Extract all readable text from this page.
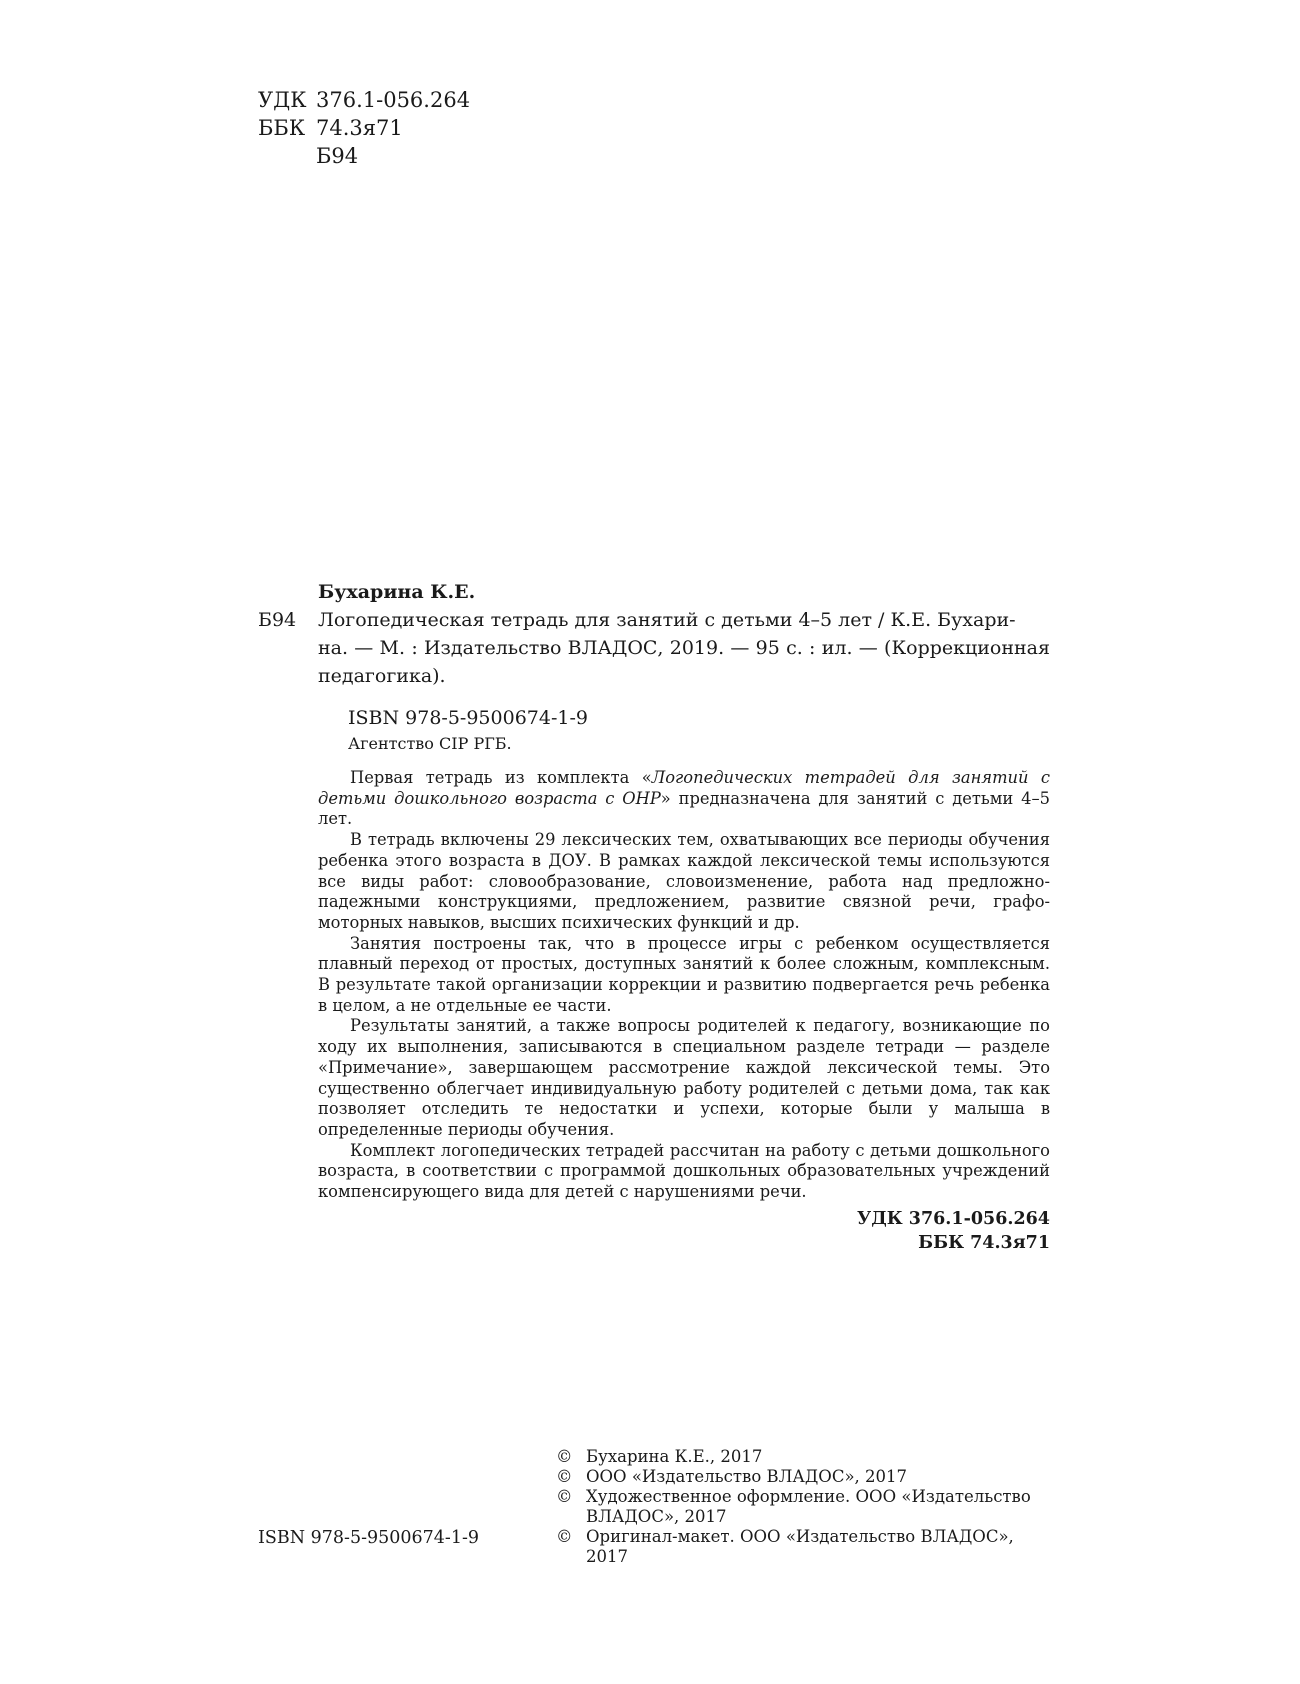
УДК 376.1-056.264
ББК 74.3я71
Б94
Бухарина К.Е.
Б94	Логопедическая тетрадь для занятий с детьми 4–5 лет / К.Е. Бухари-
на. — М. : Издательство ВЛАДОС, 2019. — 95 с. : ил. — (Коррекционная
педагогика).
ISBN 978-5-9500674-1-9
Агентство CIP РГБ.

Первая тетрадь из комплекта «Логопедических тетрадей для занятий с детьми дошкольного возраста с ОНР» предназначена для занятий с детьми 4–5 лет.

В тетрадь включены 29 лексических тем, охватывающих все периоды обучения ребенка этого возраста в ДОУ. В рамках каждой лексической темы используются все виды работ: словообразование, словоизменение, работа над предложно-падежными конструкциями, предложением, развитие связной речи, графо-моторных навыков, высших психических функций и др.

Занятия построены так, что в процессе игры с ребенком осуществляется плавный переход от простых, доступных занятий к более сложным, комплексным. В результате такой организации коррекции и развитию подвергается речь ребенка в целом, а не отдельные ее части.

Результаты занятий, а также вопросы родителей к педагогу, возникающие по ходу их выполнения, записываются в специальном разделе тетради — разделе «Примечание», завершающем рассмотрение каждой лексической темы. Это существенно облегчает индивидуальную работу родителей с детьми дома, так как позволяет отследить те недостатки и успехи, которые были у малыша в определенные периоды обучения.

Комплект логопедических тетрадей рассчитан на работу с детьми дошкольного возраста, в соответствии с программой дошкольных образовательных учреждений компенсирующего вида для детей с нарушениями речи.

УДК 376.1-056.264
ББК 74.3я71
© Бухарина К.Е., 2017
© ООО «Издательство ВЛАДОС», 2017
© Художественное оформление. ООО «Издательство ВЛАДОС», 2017
© Оригинал-макет. ООО «Издательство ВЛАДОС», 2017
ISBN 978-5-9500674-1-9
